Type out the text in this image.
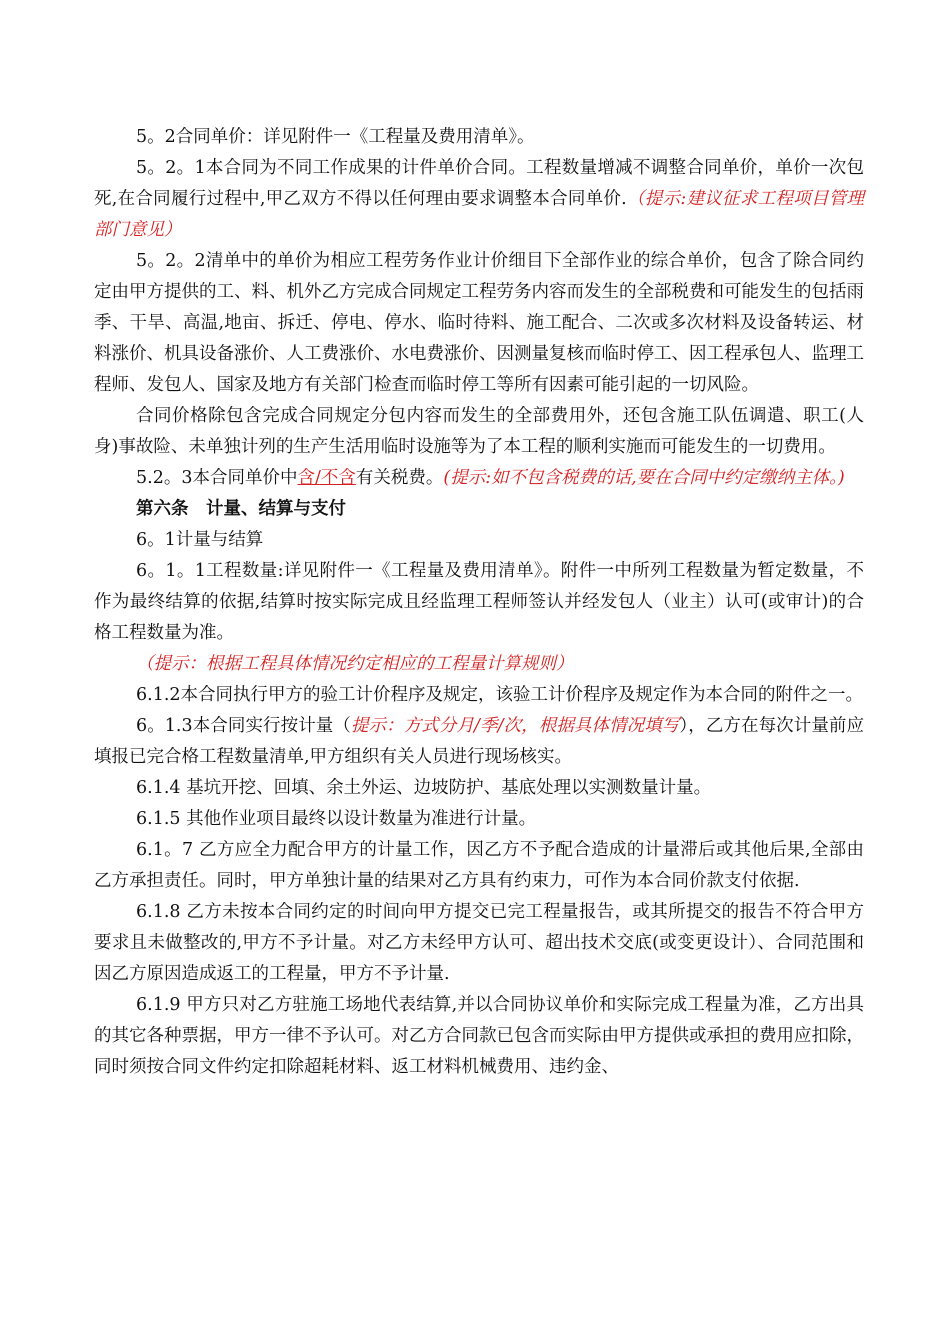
5。2合同单价：详见附件一《工程量及费用清单》。

5。2。1本合同为不同工作成果的计件单价合同。工程数量增减不调整合同单价，单价一次包死,在合同履行过程中,甲乙双方不得以任何理由要求调整本合同单价.（提示:建议征求工程项目管理部门意见）

5。2。2清单中的单价为相应工程劳务作业计价细目下全部作业的综合单价，包含了除合同约定由甲方提供的工、料、机外乙方完成合同规定工程劳务内容而发生的全部税费和可能发生的包括雨季、干旱、高温,地亩、拆迁、停电、停水、临时待料、施工配合、二次或多次材料及设备转运、材料涨价、机具设备涨价、人工费涨价、水电费涨价、因测量复核而临时停工、因工程承包人、监理工程师、发包人、国家及地方有关部门检查而临时停工等所有因素可能引起的一切风险。

合同价格除包含完成合同规定分包内容而发生的全部费用外，还包含施工队伍调遣、职工(人身)事故险、未单独计列的生产生活用临时设施等为了本工程的顺利实施而可能发生的一切费用。

5.2。3本合同单价中含/不含有关税费。(提示:如不包含税费的话,要在合同中约定缴纳主体。)

第六条　计量、结算与支付

6。1计量与结算

6。1。1工程数量:详见附件一《工程量及费用清单》。附件一中所列工程数量为暂定数量，不作为最终结算的依据,结算时按实际完成且经监理工程师签认并经发包人（业主）认可(或审计)的合格工程数量为准。

（提示：根据工程具体情况约定相应的工程量计算规则）

6.1.2本合同执行甲方的验工计价程序及规定，该验工计价程序及规定作为本合同的附件之一。

6。1.3本合同实行按计量（提示：方式分月/季/次，根据具体情况填写），乙方在每次计量前应填报已完合格工程数量清单,甲方组织有关人员进行现场核实。

6.1.4 基坑开挖、回填、余土外运、边坡防护、基底处理以实测数量计量。

6.1.5 其他作业项目最终以设计数量为准进行计量。

6.1。7 乙方应全力配合甲方的计量工作，因乙方不予配合造成的计量滞后或其他后果,全部由乙方承担责任。同时，甲方单独计量的结果对乙方具有约束力，可作为本合同价款支付依据.

6.1.8 乙方未按本合同约定的时间向甲方提交已完工程量报告，或其所提交的报告不符合甲方要求且未做整改的,甲方不予计量。对乙方未经甲方认可、超出技术交底(或变更设计）、合同范围和因乙方原因造成返工的工程量，甲方不予计量.

6.1.9 甲方只对乙方驻施工场地代表结算,并以合同协议单价和实际完成工程量为准，乙方出具的其它各种票据，甲方一律不予认可。对乙方合同款已包含而实际由甲方提供或承担的费用应扣除，同时须按合同文件约定扣除超耗材料、返工材料机械费用、违约金、
